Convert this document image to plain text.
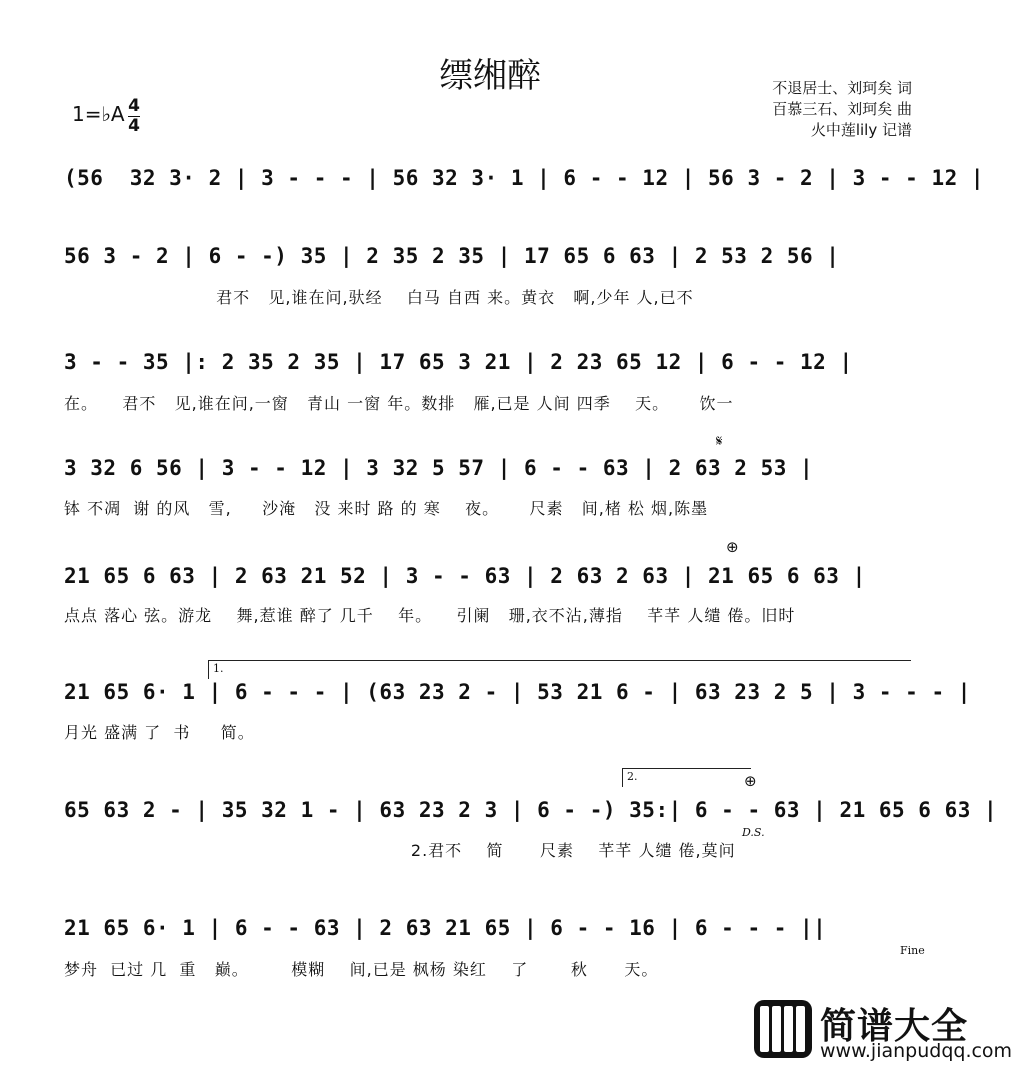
缥缃醉
1=♭A 4
4
不退居士、刘珂矣 词
百慕三石、刘珂矣 曲
火中莲lily 记谱
(56  32 3· 2 | 3 - - - | 56 32 3· 1 | 6 - - 12 | 56 3 - 2 | 3 - - 12 |
56 3 - 2 | 6 - -) 35 | 2 35 2 35 | 17 65 6 63 | 2 53 2 56 |
君不   见,谁在问,驮经    白马 自西 来。黄衣   啊,少年 人,已不
3 - - 35 |: 2 35 2 35 | 17 65 3 21 | 2 23 65 12 | 6 - - 12 |
在。    君不   见,谁在问,一窗   青山 一窗 年。数排   雁,已是 人间 四季    天。     饮一
𝄋
3 32 6 56 | 3 - - 12 | 3 32 5 57 | 6 - - 63 | 2 63 2 53 |
钵 不凋  谢 的风   雪,     沙淹   没 来时 路 的 寒    夜。     尺素   间,楮 松 烟,陈墨
⊕
21 65 6 63 | 2 63 21 52 | 3 - - 63 | 2 63 2 63 | 21 65 6 63 |
点点 落心 弦。游龙    舞,惹谁 醉了 几千    年。    引阑   珊,衣不沾,薄指    芊芊 人缱 倦。旧时
1.
21 65 6· 1 | 6 - - - | (63 23 2 - | 53 21 6 - | 63 23 2 5 | 3 - - - |
月光 盛满 了  书     简。
2.	⊕
65 63 2 - | 35 32 1 - | 63 23 2 3 | 6 - -) 35:| 6 - - 63 | 21 65 6 63 |
D.S.
2.君不    简      尺素    芊芊 人缱 倦,莫问
21 65 6· 1 | 6 - - 63 | 2 63 21 65 | 6 - - 16 | 6 - - - ||
Fine
梦舟  已过 几  重   巅。       模糊    间,已是 枫杨 染红    了       秋      天。
简谱大全
www.jianpudqq.com
